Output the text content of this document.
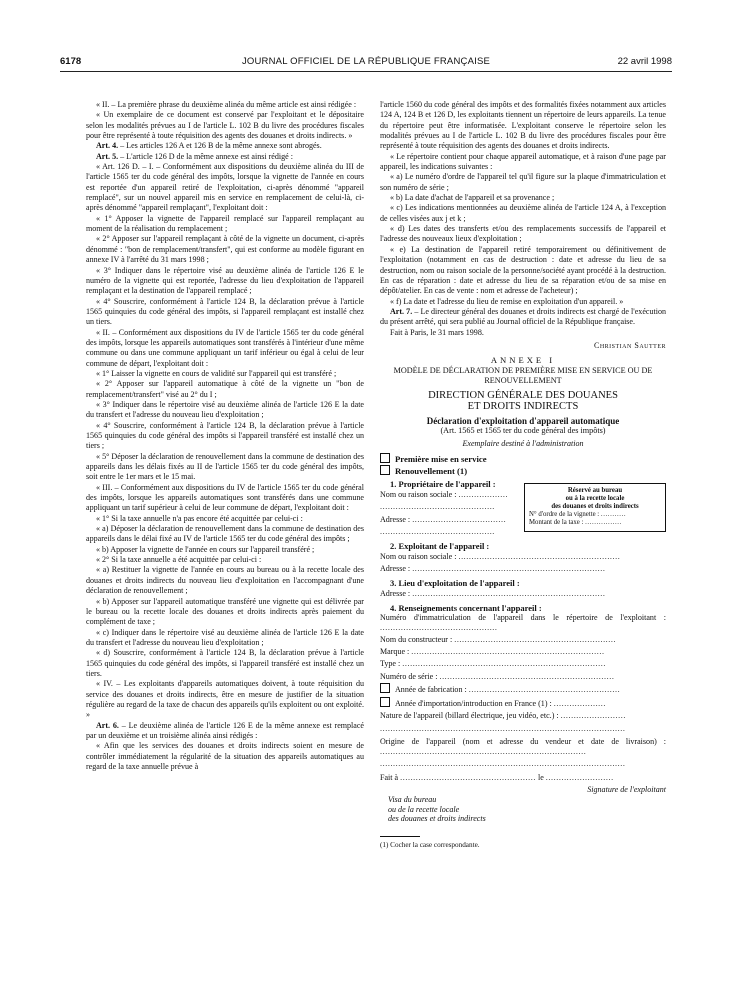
6178	JOURNAL OFFICIEL DE LA RÉPUBLIQUE FRANÇAISE	22 avril 1998

« II. – La première phrase du deuxième alinéa du même article est ainsi rédigée :

« Un exemplaire de ce document est conservé par l'exploitant et le dépositaire selon les modalités prévues au I de l'article L. 102 B du livre des procédures fiscales pour être représenté à toute réquisition des agents des douanes et droits indirects. »

Art. 4. – Les articles 126 A et 126 B de la même annexe sont abrogés.

Art. 5. – L'article 126 D de la même annexe est ainsi rédigé :

« Art. 126 D. – I. – Conformément aux dispositions du deuxième alinéa du III de l'article 1565 ter du code général des impôts, lorsque la vignette de l'année en cours est reportée d'un appareil retiré de l'exploitation, ci-après dénommé "appareil remplacé", sur un nouvel appareil mis en service en remplacement de celui-là, ci-après dénommé "appareil remplaçant", l'exploitant doit :

« 1° Apposer la vignette de l'appareil remplacé sur l'appareil remplaçant au moment de la réalisation du remplacement ;

« 2° Apposer sur l'appareil remplaçant à côté de la vignette un document, ci-après dénommé : "bon de remplacement/transfert", qui est conforme au modèle figurant en annexe IV à l'arrêté du 31 mars 1998 ;

« 3° Indiquer dans le répertoire visé au deuxième alinéa de l'article 126 E le numéro de la vignette qui est reportée, l'adresse du lieu d'exploitation de l'appareil remplaçant et la destination de l'appareil remplacé ;

« 4° Souscrire, conformément à l'article 124 B, la déclaration prévue à l'article 1565 quinquies du code général des impôts, si l'appareil remplaçant est installé chez un tiers.

« II. – Conformément aux dispositions du IV de l'article 1565 ter du code général des impôts, lorsque les appareils automatiques sont transférés à l'intérieur d'une même commune ou dans une commune appliquant un tarif inférieur ou égal à celui de leur commune de départ, l'exploitant doit :

« 1° Laisser la vignette en cours de validité sur l'appareil qui est transféré ;

« 2° Apposer sur l'appareil automatique à côté de la vignette un "bon de remplacement/transfert" visé au 2° du I ;

« 3° Indiquer dans le répertoire visé au deuxième alinéa de l'article 126 E la date du transfert et l'adresse du nouveau lieu d'exploitation ;

« 4° Souscrire, conformément à l'article 124 B, la déclaration prévue à l'article 1565 quinquies du code général des impôts si l'appareil transféré est installé chez un tiers ;

« 5° Déposer la déclaration de renouvellement dans la commune de destination des appareils dans les délais fixés au II de l'article 1565 ter du code général des impôts, soit entre le 1er mars et le 15 mai.

« III. – Conformément aux dispositions du IV de l'article 1565 ter du code général des impôts, lorsque les appareils automatiques sont transférés dans une commune appliquant un tarif supérieur à celui de leur commune de départ, l'exploitant doit :

« 1° Si la taxe annuelle n'a pas encore été acquittée par celui-ci :

« a) Déposer la déclaration de renouvellement dans la commune de destination des appareils dans le délai fixé au IV de l'article 1565 ter du code général des impôts ;

« b) Apposer la vignette de l'année en cours sur l'appareil transféré ;

« 2° Si la taxe annuelle a été acquittée par celui-ci :

« a) Restituer la vignette de l'année en cours au bureau ou à la recette locale des douanes et droits indirects du nouveau lieu d'exploitation en l'accompagnant d'une déclaration de renouvellement ;

« b) Apposer sur l'appareil automatique transféré une vignette qui est délivrée par le bureau ou la recette locale des douanes et droits indirects après paiement du complément de taxe ;

« c) Indiquer dans le répertoire visé au deuxième alinéa de l'article 126 E la date du transfert et l'adresse du nouveau lieu d'exploitation ;

« d) Souscrire, conformément à l'article 124 B, la déclaration prévue à l'article 1565 quinquies du code général des impôts, si l'appareil transféré est installé chez un tiers.

« IV. – Les exploitants d'appareils automatiques doivent, à toute réquisition du service des douanes et droits indirects, être en mesure de justifier de la situation régulière au regard de la taxe de chacun des appareils qu'ils exploitent ou ont exploité. »

Art. 6. – Le deuxième alinéa de l'article 126 E de la même annexe est remplacé par un deuxième et un troisième alinéa ainsi rédigés :

« Afin que les services des douanes et droits indirects soient en mesure de contrôler immédiatement la régularité de la situation des appareils automatiques au regard de la taxe annuelle prévue à

l'article 1560 du code général des impôts et des formalités fixées notamment aux articles 124 A, 124 B et 126 D, les exploitants tiennent un répertoire de leurs appareils. La tenue du répertoire peut être informatisée. L'exploitant conserve le répertoire selon les modalités prévues au I de l'article L. 102 B du livre des procédures fiscales pour être représenté à toute réquisition des agents des douanes et droits indirects.

« Le répertoire contient pour chaque appareil automatique, et à raison d'une page par appareil, les indications suivantes :

« a) Le numéro d'ordre de l'appareil tel qu'il figure sur la plaque d'immatriculation et son numéro de série ;

« b) La date d'achat de l'appareil et sa provenance ;

« c) Les indications mentionnées au deuxième alinéa de l'article 124 A, à l'exception de celles visées aux j et k ;

« d) Les dates des transferts et/ou des remplacements successifs de l'appareil et l'adresse des nouveaux lieux d'exploitation ;

« e) La destination de l'appareil retiré temporairement ou définitivement de l'exploitation (notamment en cas de destruction : date et adresse du lieu de sa destruction, nom ou raison sociale de la personne/société ayant procédé à la destruction. En cas de réparation : date et adresse du lieu de sa réparation et/ou de sa mise en dépôt/atelier. En cas de vente : nom et adresse de l'acheteur) ;

« f) La date et l'adresse du lieu de remise en exploitation d'un appareil. »

Art. 7. – Le directeur général des douanes et droits indirects est chargé de l'exécution du présent arrêté, qui sera publié au Journal officiel de la République française.

Fait à Paris, le 31 mars 1998.

Christian Sautter

ANNEXE I

MODÈLE DE DÉCLARATION DE PREMIÈRE MISE EN SERVICE OU DE RENOUVELLEMENT

DIRECTION GÉNÉRALE DES DOUANES
ET DROITS INDIRECTS
Déclaration d'exploitation d'appareil automatique
(Art. 1565 et 1565 ter du code général des impôts)
Exemplaire destiné à l'administration

Première mise en service

Renouvellement (1)

Réservé au bureau
ou à la recette locale
des douanes et droits indirects
N° d'ordre de la vignette : ...........
Montant de la taxe : ................

1. Propriétaire de l'appareil :

Nom ou raison sociale : ...................

............................................

Adresse : ....................................

............................................

2. Exploitant de l'appareil :

Nom ou raison sociale : ..............................................................

Adresse : ..........................................................................

3. Lieu d'exploitation de l'appareil :

Adresse : ..........................................................................

4. Renseignements concernant l'appareil :

Numéro d'immatriculation de l'appareil dans le répertoire de l'exploitant : .............................................

Nom du constructeur : ..............................................................

Marque : ..........................................................................

Type : ..............................................................................

Numéro de série : ...................................................................

Année de fabrication : ..........................................................

Année d'importation/introduction en France (1) : ....................

Nature de l'appareil (billard électrique, jeu vidéo, etc.) : .........................

..............................................................................................

Origine de l'appareil (nom et adresse du vendeur et date de livraison) : ...............................................................................

..............................................................................................

Fait à .................................................... le ..........................

Signature de l'exploitant

Visa du bureau
ou de la recette locale
des douanes et droits indirects

(1) Cocher la case correspondante.
